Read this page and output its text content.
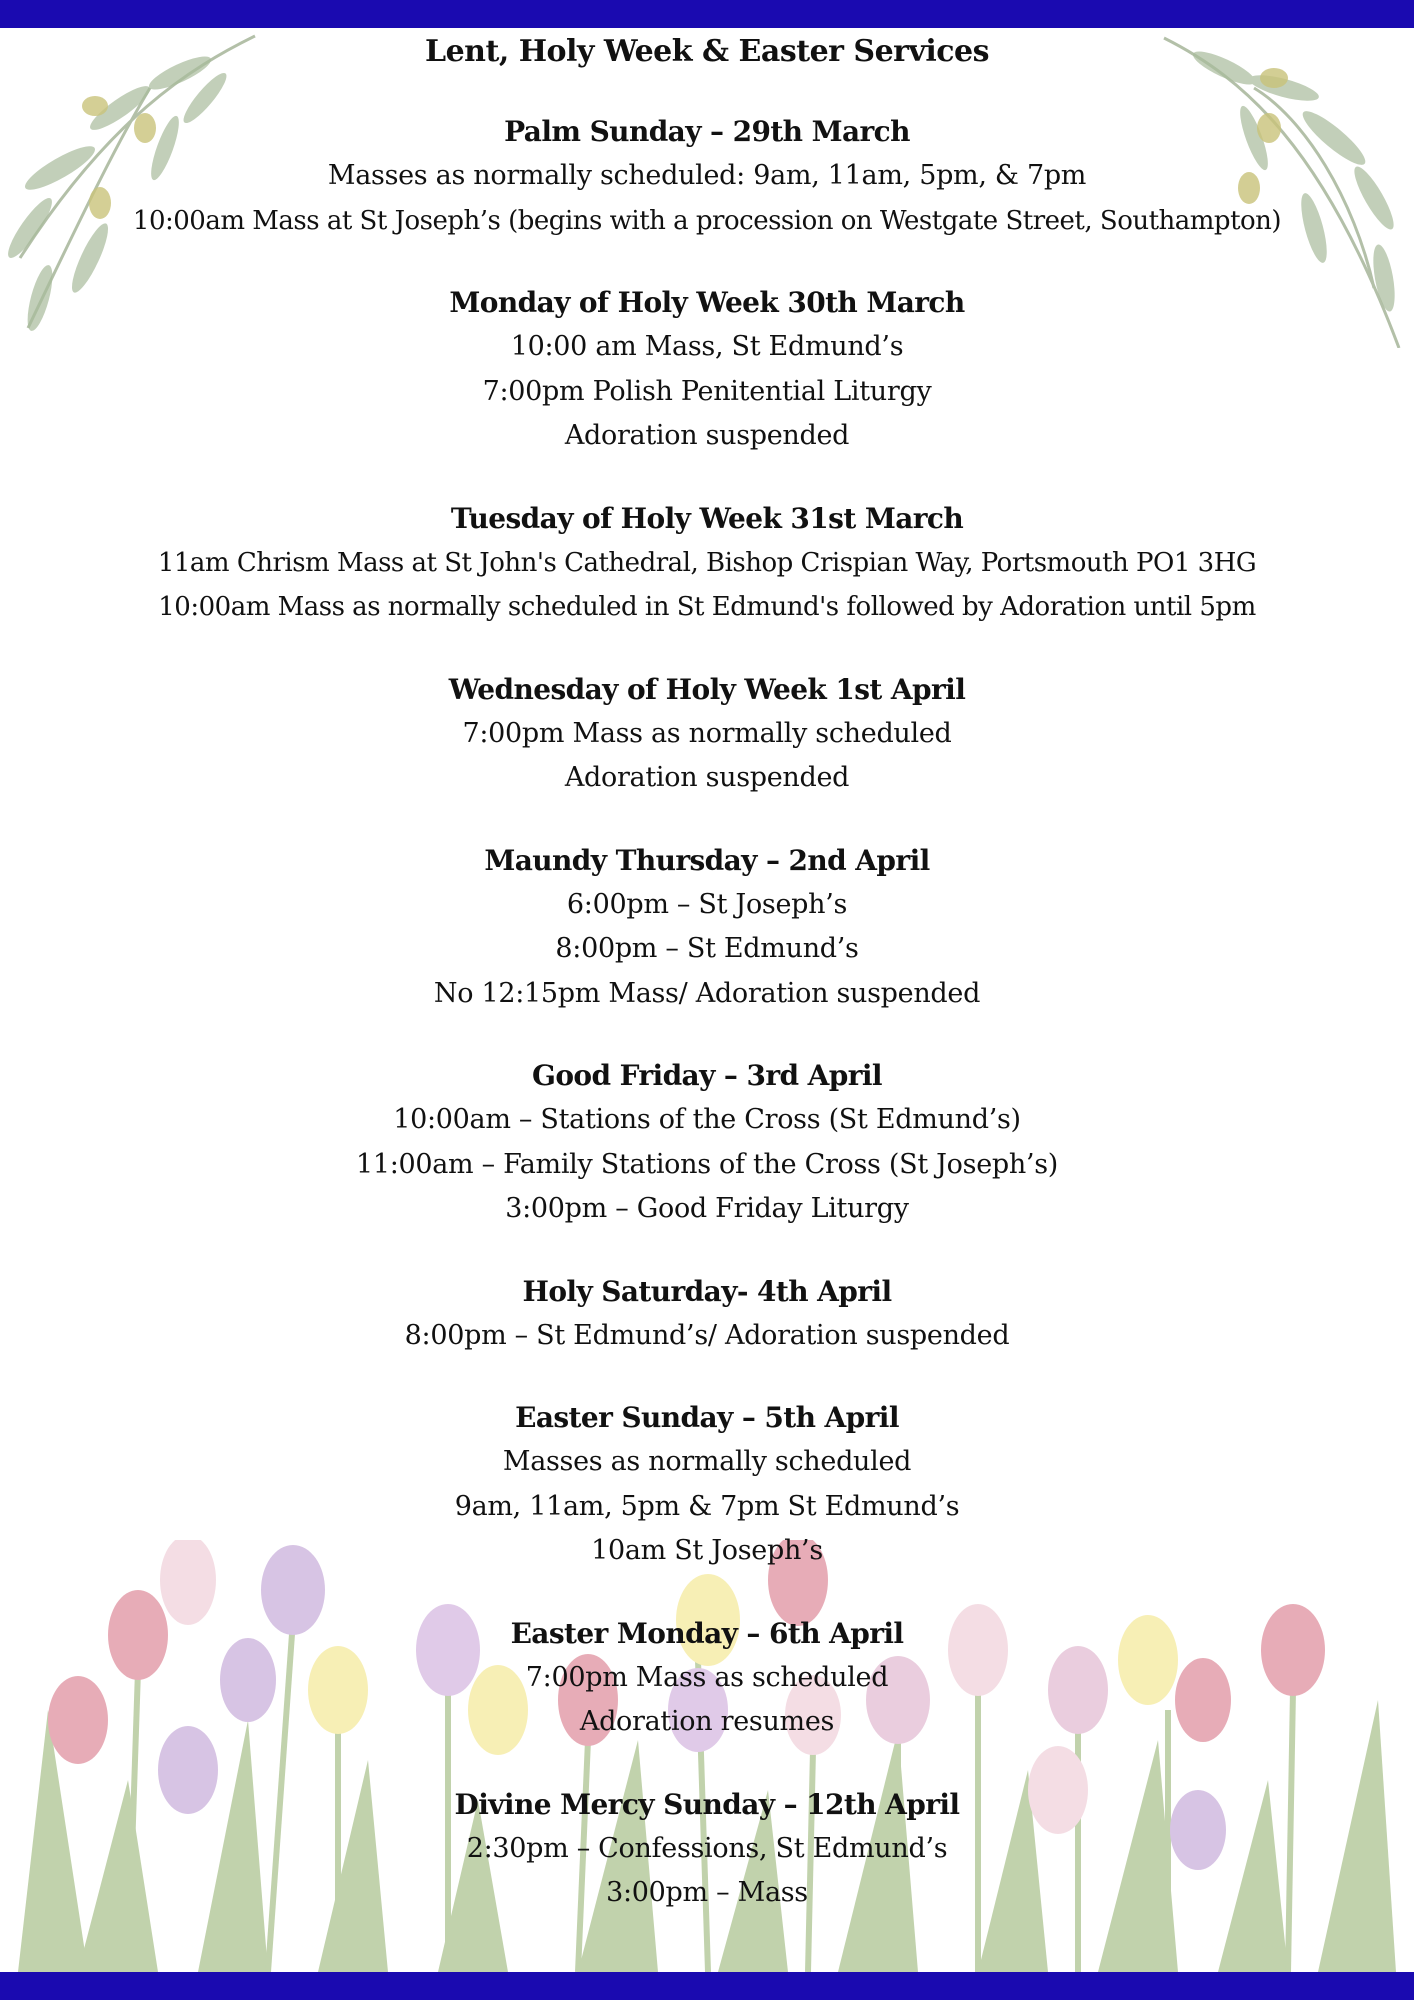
Lent, Holy Week & Easter Services
Palm Sunday – 29th March
Masses as normally scheduled: 9am, 11am, 5pm, & 7pm
10:00am Mass at St Joseph’s (begins with a procession on Westgate Street, Southampton)
Monday of Holy Week 30th March
10:00 am Mass, St Edmund’s
7:00pm Polish Penitential Liturgy
Adoration suspended
Tuesday of Holy Week 31st March
11am Chrism Mass at St John's Cathedral, Bishop Crispian Way, Portsmouth PO1 3HG
10:00am Mass as normally scheduled in St Edmund's followed by Adoration until 5pm
Wednesday of Holy Week 1st April
7:00pm Mass as normally scheduled
Adoration suspended
Maundy Thursday – 2nd April
6:00pm – St Joseph’s
8:00pm – St Edmund’s
No 12:15pm Mass/ Adoration suspended
Good Friday – 3rd April
10:00am – Stations of the Cross (St Edmund’s)
11:00am – Family Stations of the Cross (St Joseph’s)
3:00pm – Good Friday Liturgy
Holy Saturday- 4th April
8:00pm – St Edmund’s/ Adoration suspended
Easter Sunday – 5th April
Masses as normally scheduled
9am, 11am, 5pm & 7pm St Edmund’s
10am St Joseph’s
Easter Monday – 6th April
7:00pm Mass as scheduled
Adoration resumes
Divine Mercy Sunday – 12th April
2:30pm – Confessions, St Edmund’s
3:00pm – Mass
